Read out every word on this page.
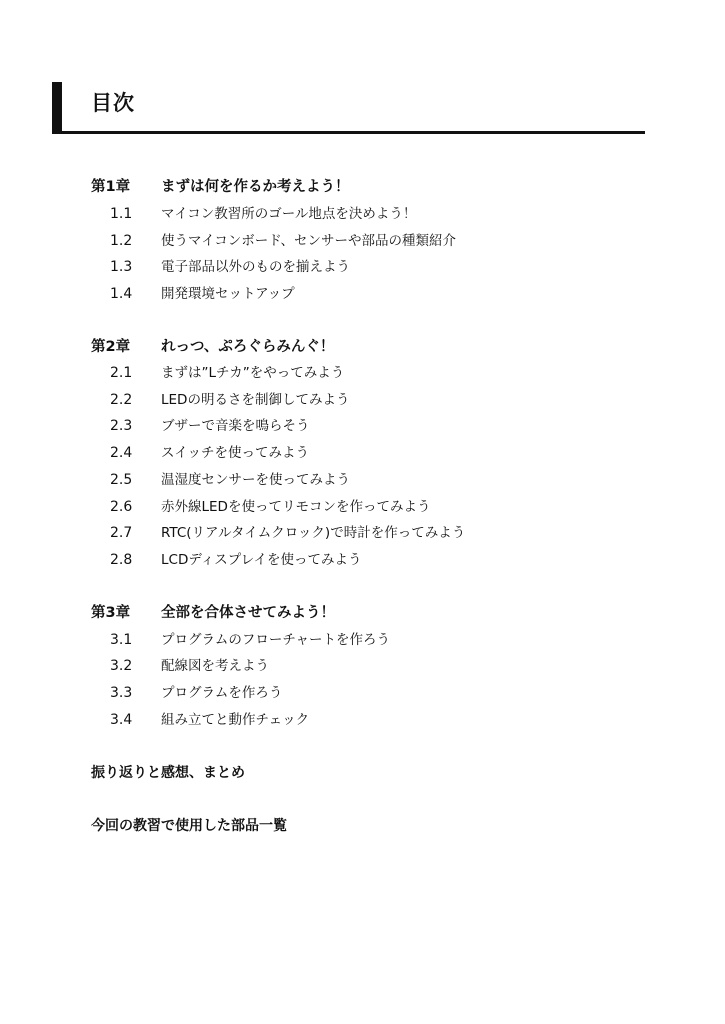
目次
第1章 まずは何を作るか考えよう！
1.1 マイコン教習所のゴール地点を決めよう！
1.2 使うマイコンボード、センサーや部品の種類紹介
1.3 電子部品以外のものを揃えよう
1.4 開発環境セットアップ
第2章 れっつ、ぷろぐらみんぐ！
2.1 まずは”Lチカ”をやってみよう
2.2 LEDの明るさを制御してみよう
2.3 ブザーで音楽を鳴らそう
2.4 スイッチを使ってみよう
2.5 温湿度センサーを使ってみよう
2.6 赤外線LEDを使ってリモコンを作ってみよう
2.7 RTC(リアルタイムクロック)で時計を作ってみよう
2.8 LCDディスプレイを使ってみよう
第3章 全部を合体させてみよう！
3.1 プログラムのフローチャートを作ろう
3.2 配線図を考えよう
3.3 プログラムを作ろう
3.4 組み立てと動作チェック
振り返りと感想、まとめ
今回の教習で使用した部品一覧
